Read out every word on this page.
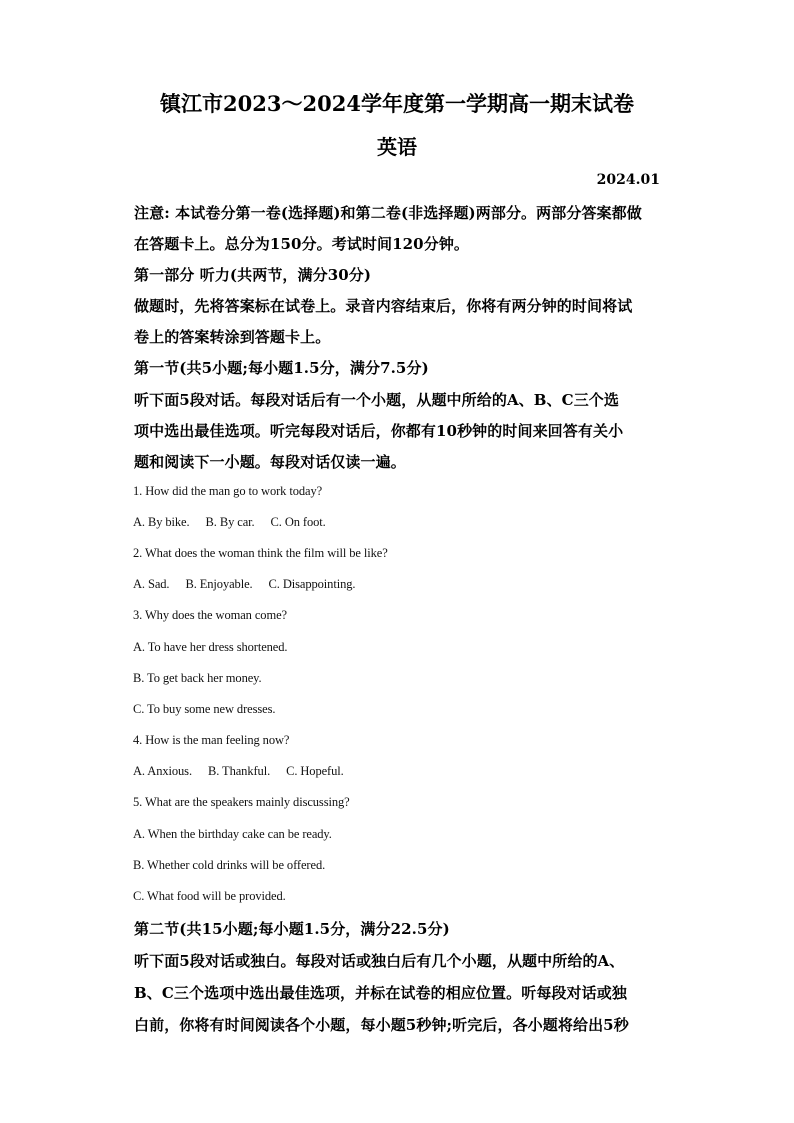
镇江市2023～2024学年度第一学期高一期末试卷
英语
2024.01
注意: 本试卷分第一卷(选择题)和第二卷(非选择题)两部分。两部分答案都做
在答题卡上。总分为150分。考试时间120分钟。
第一部分 听力(共两节，满分30分)
做题时，先将答案标在试卷上。录音内容结束后，你将有两分钟的时间将试
卷上的答案转涂到答题卡上。
第一节(共5小题;每小题1.5分，满分7.5分)
听下面5段对话。每段对话后有一个小题，从题中所给的A、B、C三个选
项中选出最佳选项。听完每段对话后，你都有10秒钟的时间来回答有关小
题和阅读下一小题。每段对话仅读一遍。
1. How did the man go to work today?
A. By bike. B. By car. C. On foot.
2. What does the woman think the film will be like?
A. Sad. B. Enjoyable. C. Disappointing.
3. Why does the woman come?
A. To have her dress shortened.
B. To get back her money.
C. To buy some new dresses.
4. How is the man feeling now?
A. Anxious. B. Thankful. C. Hopeful.
5. What are the speakers mainly discussing?
A. When the birthday cake can be ready.
B. Whether cold drinks will be offered.
C. What food will be provided.
第二节(共15小题;每小题1.5分，满分22.5分)
听下面5段对话或独白。每段对话或独白后有几个小题，从题中所给的A、
B、C三个选项中选出最佳选项，并标在试卷的相应位置。听每段对话或独
白前，你将有时间阅读各个小题，每小题5秒钟;听完后，各小题将给出5秒
